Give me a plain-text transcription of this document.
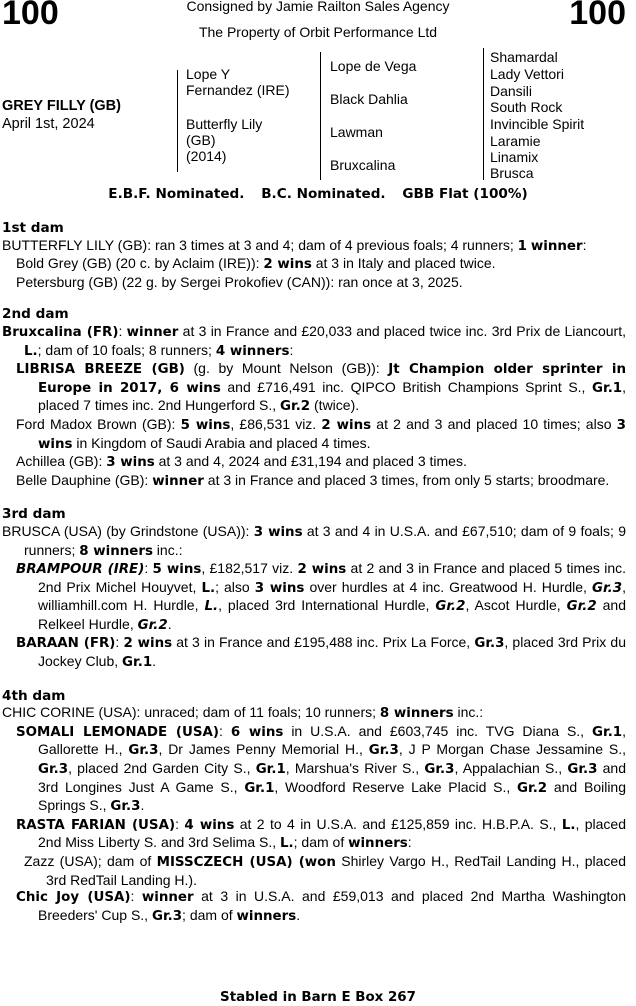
100	100
Consigned by Jamie Railton Sales Agency
The Property of Orbit Performance Ltd
GREY FILLY (GB)
April 1st, 2024
Lope Y
Fernandez (IRE)
Butterfly Lily
(GB)
(2014)
Lope de Vega
Black Dahlia
Lawman
Bruxcalina
Shamardal
Lady Vettori
Dansili
South Rock
Invincible Spirit
Laramie
Linamix
Brusca
E.B.F. Nominated. B.C. Nominated. GBB Flat (100%)
1st dam
BUTTERFLY LILY (GB): ran 3 times at 3 and 4; dam of 4 previous foals; 4 runners; 1 winner:
Bold Grey (GB) (20 c. by Aclaim (IRE)): 2 wins at 3 in Italy and placed twice.
Petersburg (GB) (22 g. by Sergei Prokofiev (CAN)): ran once at 3, 2025.
2nd dam
Bruxcalina (FR): winner at 3 in France and £20,033 and placed twice inc. 3rd Prix de Liancourt, L.; dam of 10 foals; 8 runners; 4 winners:
LIBRISA BREEZE (GB) (g. by Mount Nelson (GB)): Jt Champion older sprinter in Europe in 2017, 6 wins and £716,491 inc. QIPCO British Champions Sprint S., Gr.1, placed 7 times inc. 2nd Hungerford S., Gr.2 (twice).
Ford Madox Brown (GB): 5 wins, £86,531 viz. 2 wins at 2 and 3 and placed 10 times; also 3 wins in Kingdom of Saudi Arabia and placed 4 times.
Achillea (GB): 3 wins at 3 and 4, 2024 and £31,194 and placed 3 times.
Belle Dauphine (GB): winner at 3 in France and placed 3 times, from only 5 starts; broodmare.
3rd dam
BRUSCA (USA) (by Grindstone (USA)): 3 wins at 3 and 4 in U.S.A. and £67,510; dam of 9 foals; 9 runners; 8 winners inc.:
BRAMPOUR (IRE): 5 wins, £182,517 viz. 2 wins at 2 and 3 in France and placed 5 times inc. 2nd Prix Michel Houyvet, L.; also 3 wins over hurdles at 4 inc. Greatwood H. Hurdle, Gr.3, williamhill.com H. Hurdle, L., placed 3rd International Hurdle, Gr.2, Ascot Hurdle, Gr.2 and Relkeel Hurdle, Gr.2.
BARAAN (FR): 2 wins at 3 in France and £195,488 inc. Prix La Force, Gr.3, placed 3rd Prix du Jockey Club, Gr.1.
4th dam
CHIC CORINE (USA): unraced; dam of 11 foals; 10 runners; 8 winners inc.:
SOMALI LEMONADE (USA): 6 wins in U.S.A. and £603,745 inc. TVG Diana S., Gr.1, Gallorette H., Gr.3, Dr James Penny Memorial H., Gr.3, J P Morgan Chase Jessamine S., Gr.3, placed 2nd Garden City S., Gr.1, Marshua's River S., Gr.3, Appalachian S., Gr.3 and 3rd Longines Just A Game S., Gr.1, Woodford Reserve Lake Placid S., Gr.2 and Boiling Springs S., Gr.3.
RASTA FARIAN (USA): 4 wins at 2 to 4 in U.S.A. and £125,859 inc. H.B.P.A. S., L., placed 2nd Miss Liberty S. and 3rd Selima S., L.; dam of winners:
Zazz (USA); dam of MISSCZECH (USA) (won Shirley Vargo H., RedTail Landing H., placed 3rd RedTail Landing H.).
Chic Joy (USA): winner at 3 in U.S.A. and £59,013 and placed 2nd Martha Washington Breeders' Cup S., Gr.3; dam of winners.
Stabled in Barn E Box 267
